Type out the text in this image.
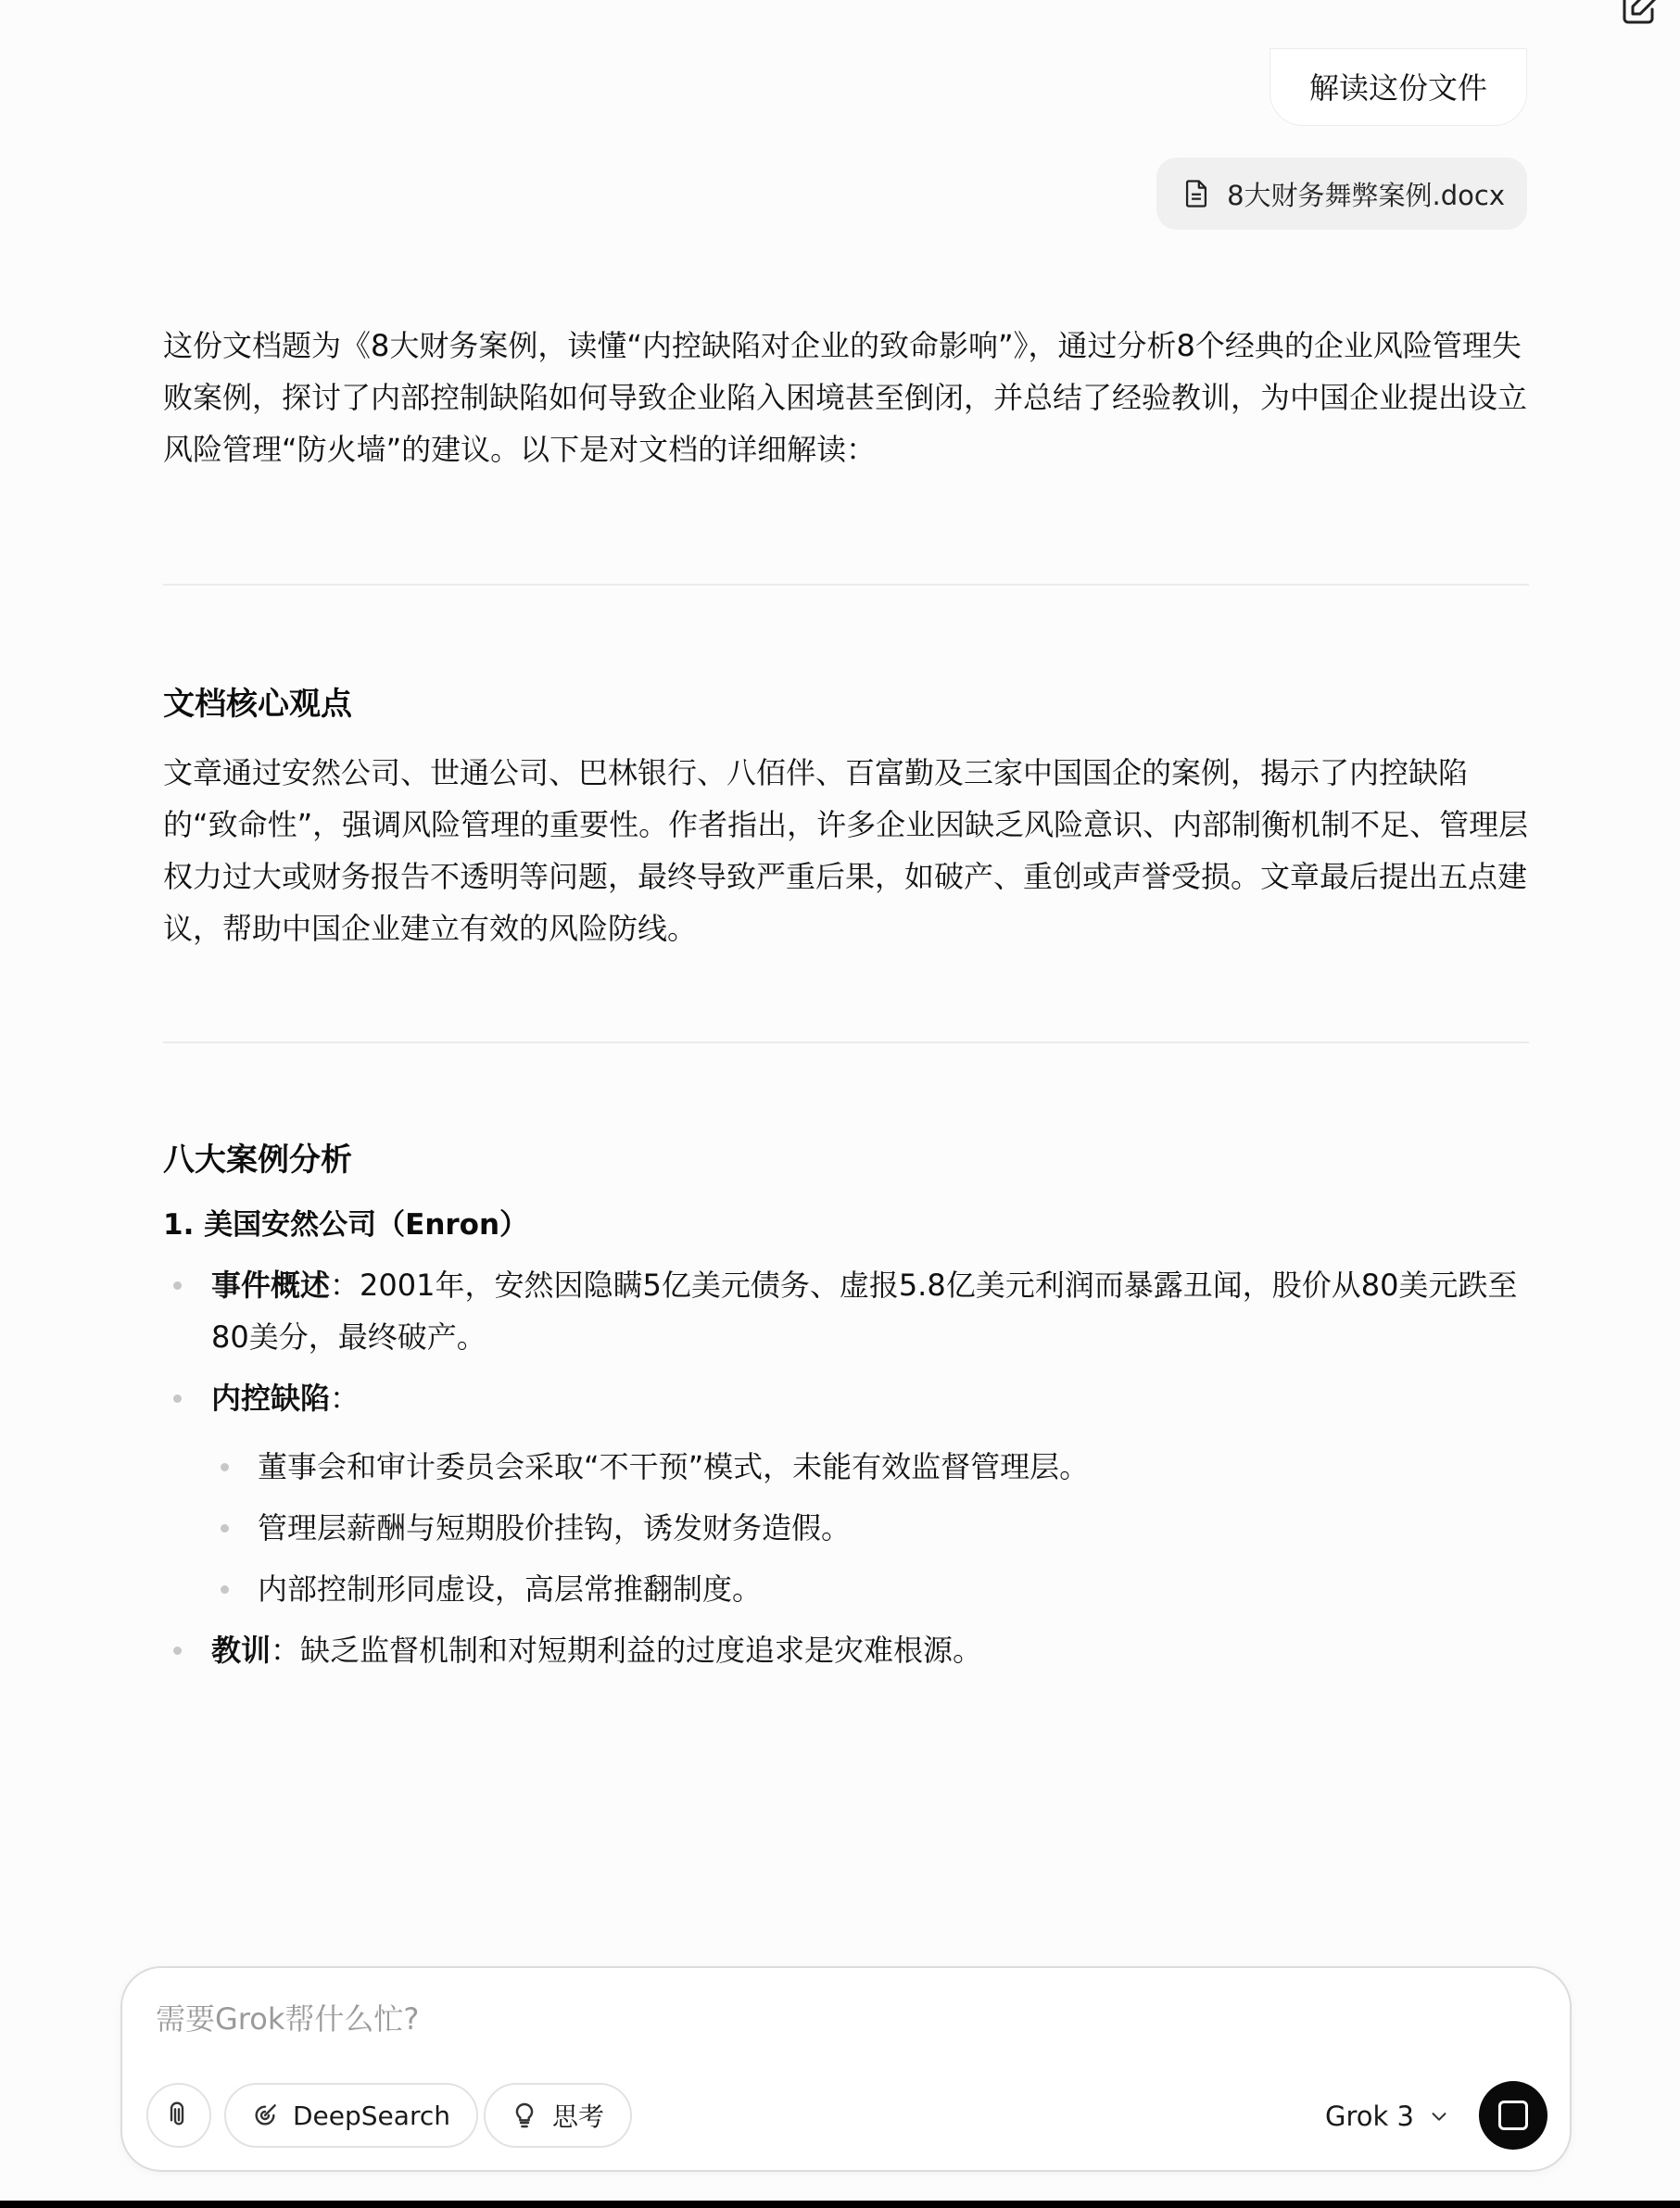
解读这份文件
8大财务舞弊案例.docx

这份文档题为《8大财务案例，读懂“内控缺陷对企业的致命影响”》，通过分析8个经典的企业风险管理失败案例，探讨了内部控制缺陷如何导致企业陷入困境甚至倒闭，并总结了经验教训，为中国企业提出设立风险管理“防火墙”的建议。以下是对文档的详细解读：

文档核心观点

文章通过安然公司、世通公司、巴林银行、八佰伴、百富勤及三家中国国企的案例，揭示了内控缺陷的“致命性”，强调风险管理的重要性。作者指出，许多企业因缺乏风险意识、内部制衡机制不足、管理层权力过大或财务报告不透明等问题，最终导致严重后果，如破产、重创或声誉受损。文章最后提出五点建议，帮助中国企业建立有效的风险防线。

八大案例分析
1. 美国安然公司（Enron）
事件概述：2001年，安然因隐瞒5亿美元债务、虚报5.8亿美元利润而暴露丑闻，股价从80美元跌至80美分，最终破产。
内控缺陷：
董事会和审计委员会采取“不干预”模式，未能有效监督管理层。
管理层薪酬与短期股价挂钩，诱发财务造假。
内部控制形同虚设，高层常推翻制度。
教训：缺乏监督机制和对短期利益的过度追求是灾难根源。
需要Grok帮什么忙?
DeepSearch	思考	Grok 3
